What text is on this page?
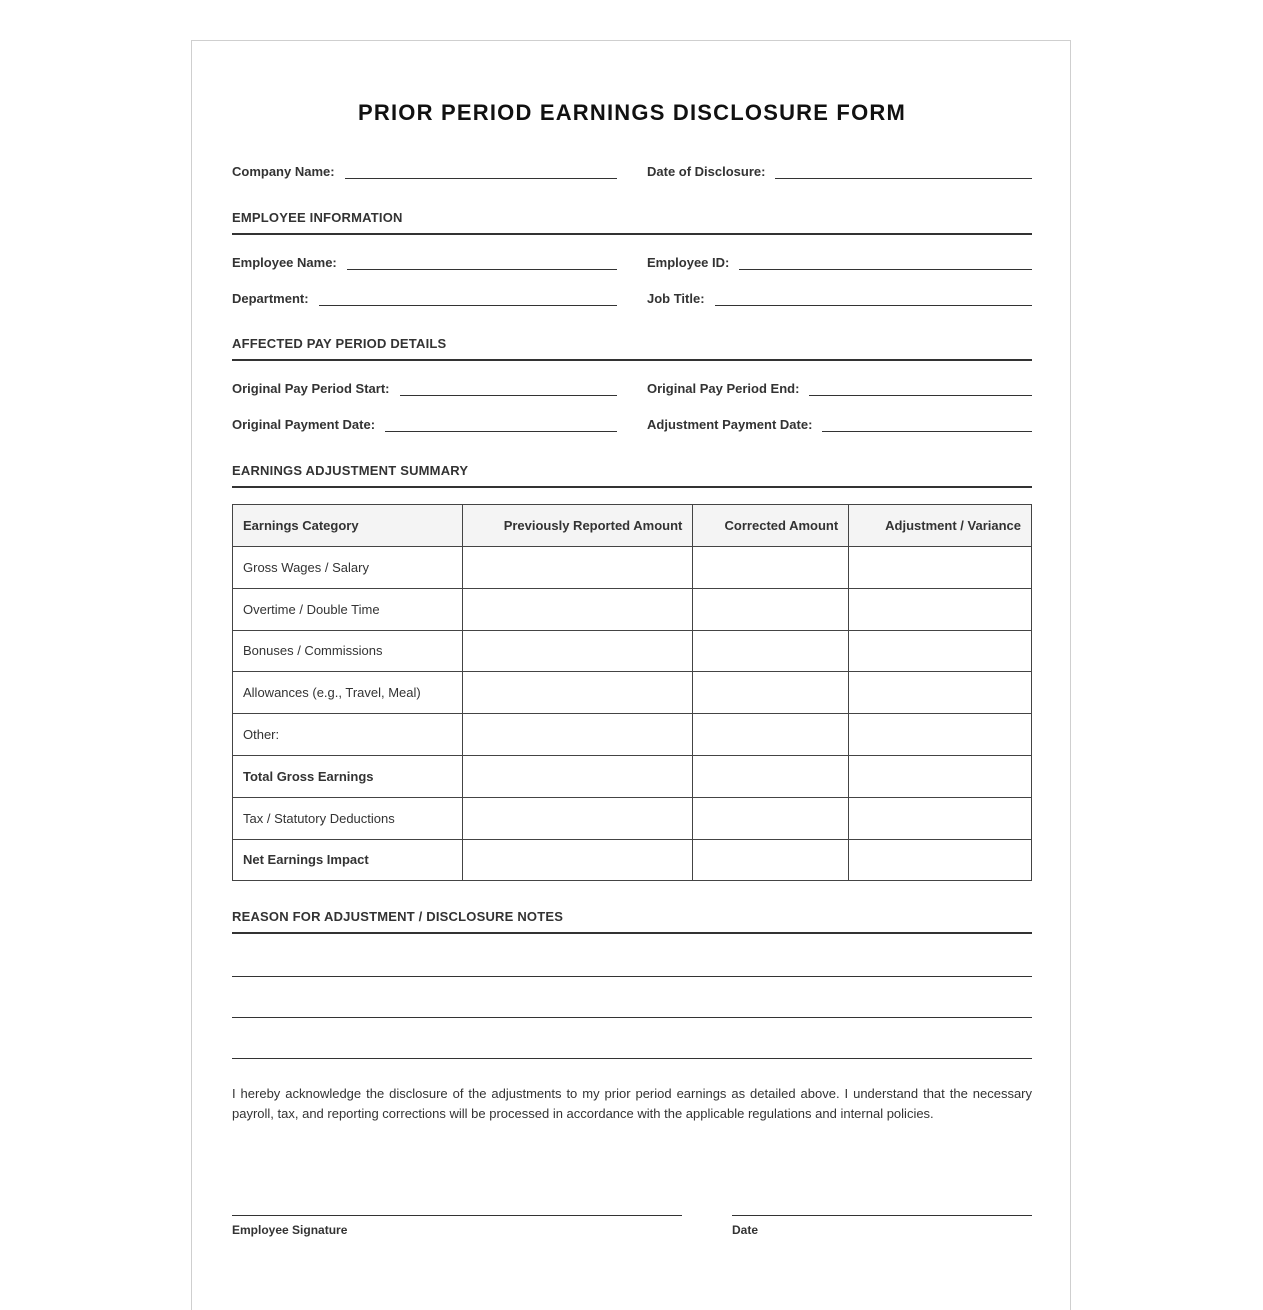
PRIOR PERIOD EARNINGS DISCLOSURE FORM
Company Name:	Date of Disclosure:
EMPLOYEE INFORMATION
Employee Name:	Employee ID:
Department:	Job Title:
AFFECTED PAY PERIOD DETAILS
Original Pay Period Start:	Original Pay Period End:
Original Payment Date:	Adjustment Payment Date:
EARNINGS ADJUSTMENT SUMMARY
Earnings Category	Previously Reported Amount	Corrected Amount	Adjustment / Variance
Gross Wages / Salary			
Overtime / Double Time			
Bonuses / Commissions			
Allowances (e.g., Travel, Meal)			
Other:			
Total Gross Earnings			
Tax / Statutory Deductions			
Net Earnings Impact			
REASON FOR ADJUSTMENT / DISCLOSURE NOTES
I hereby acknowledge the disclosure of the adjustments to my prior period earnings as detailed above. I understand that the necessary payroll, tax, and reporting corrections will be processed in accordance with the applicable regulations and internal policies.
Employee Signature	Date
